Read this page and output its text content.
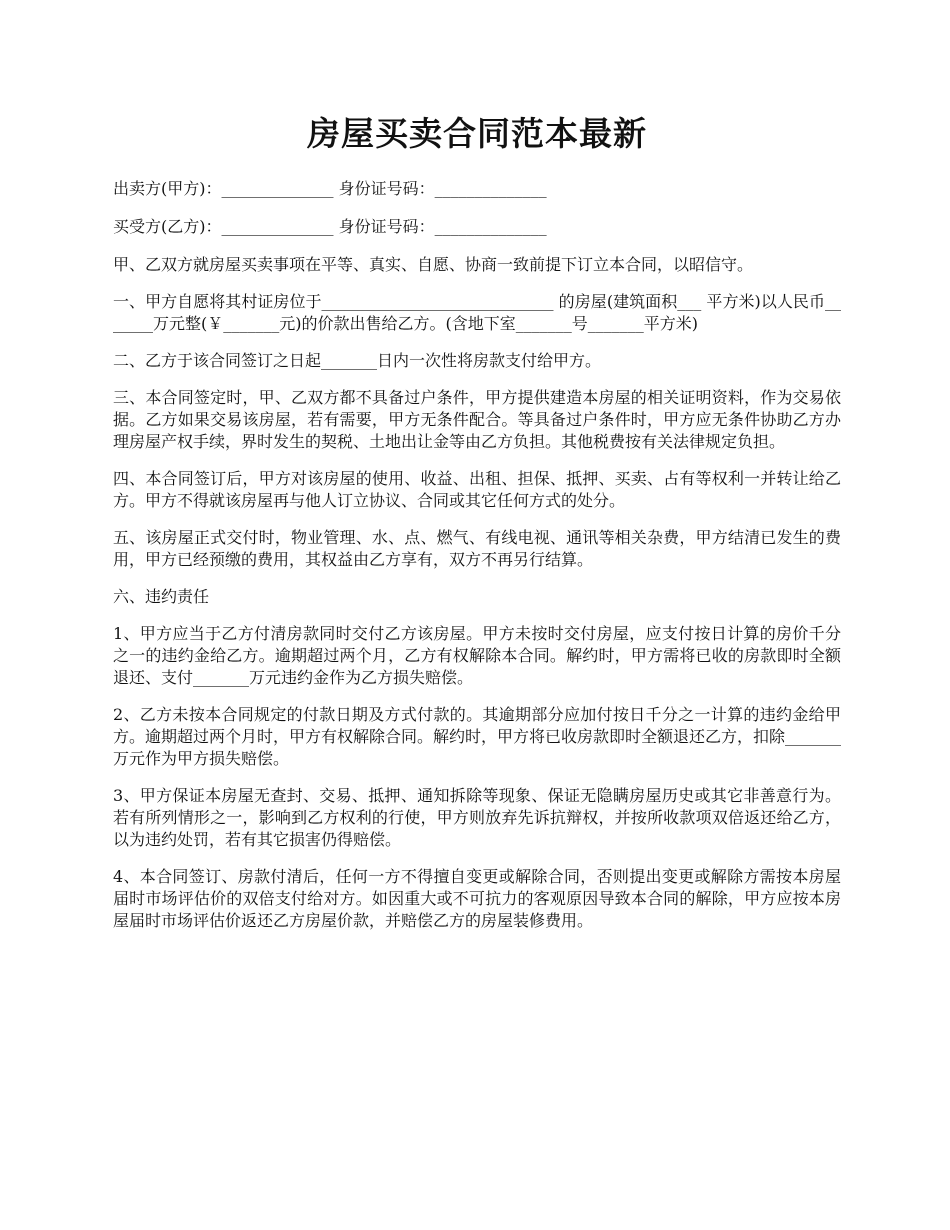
房屋买卖合同范本最新

出卖方(甲方)：______________ 身份证号码：______________

买受方(乙方)：______________ 身份证号码：______________

甲、乙双方就房屋买卖事项在平等、真实、自愿、协商一致前提下订立本合同，以昭信守。

一、甲方自愿将其村证房位于_____________________________ 的房屋(建筑面积___ 平方米)以人民币_______万元整(￥_______元)的价款出售给乙方。(含地下室_______号_______平方米)

二、乙方于该合同签订之日起_______日内一次性将房款支付给甲方。

三、本合同签定时，甲、乙双方都不具备过户条件，甲方提供建造本房屋的相关证明资料，作为交易依据。乙方如果交易该房屋，若有需要，甲方无条件配合。等具备过户条件时，甲方应无条件协助乙方办理房屋产权手续，界时发生的契税、土地出让金等由乙方负担。其他税费按有关法律规定负担。

四、本合同签订后，甲方对该房屋的使用、收益、出租、担保、抵押、买卖、占有等权利一并转让给乙方。甲方不得就该房屋再与他人订立协议、合同或其它任何方式的处分。

五、该房屋正式交付时，物业管理、水、点、燃气、有线电视、通讯等相关杂费，甲方结清已发生的费用，甲方已经预缴的费用，其权益由乙方享有，双方不再另行结算。

六、违约责任

1、甲方应当于乙方付清房款同时交付乙方该房屋。甲方未按时交付房屋，应支付按日计算的房价千分之一的违约金给乙方。逾期超过两个月，乙方有权解除本合同。解约时，甲方需将已收的房款即时全额退还、支付_______万元违约金作为乙方损失赔偿。

2、乙方未按本合同规定的付款日期及方式付款的。其逾期部分应加付按日千分之一计算的违约金给甲方。逾期超过两个月时，甲方有权解除合同。解约时，甲方将已收房款即时全额退还乙方，扣除_______万元作为甲方损失赔偿。

3、甲方保证本房屋无查封、交易、抵押、通知拆除等现象、保证无隐瞒房屋历史或其它非善意行为。若有所列情形之一，影响到乙方权利的行使，甲方则放弃先诉抗辩权，并按所收款项双倍返还给乙方，以为违约处罚，若有其它损害仍得赔偿。

4、本合同签订、房款付清后，任何一方不得擅自变更或解除合同，否则提出变更或解除方需按本房屋届时市场评估价的双倍支付给对方。如因重大或不可抗力的客观原因导致本合同的解除，甲方应按本房屋届时市场评估价返还乙方房屋价款，并赔偿乙方的房屋装修费用。
